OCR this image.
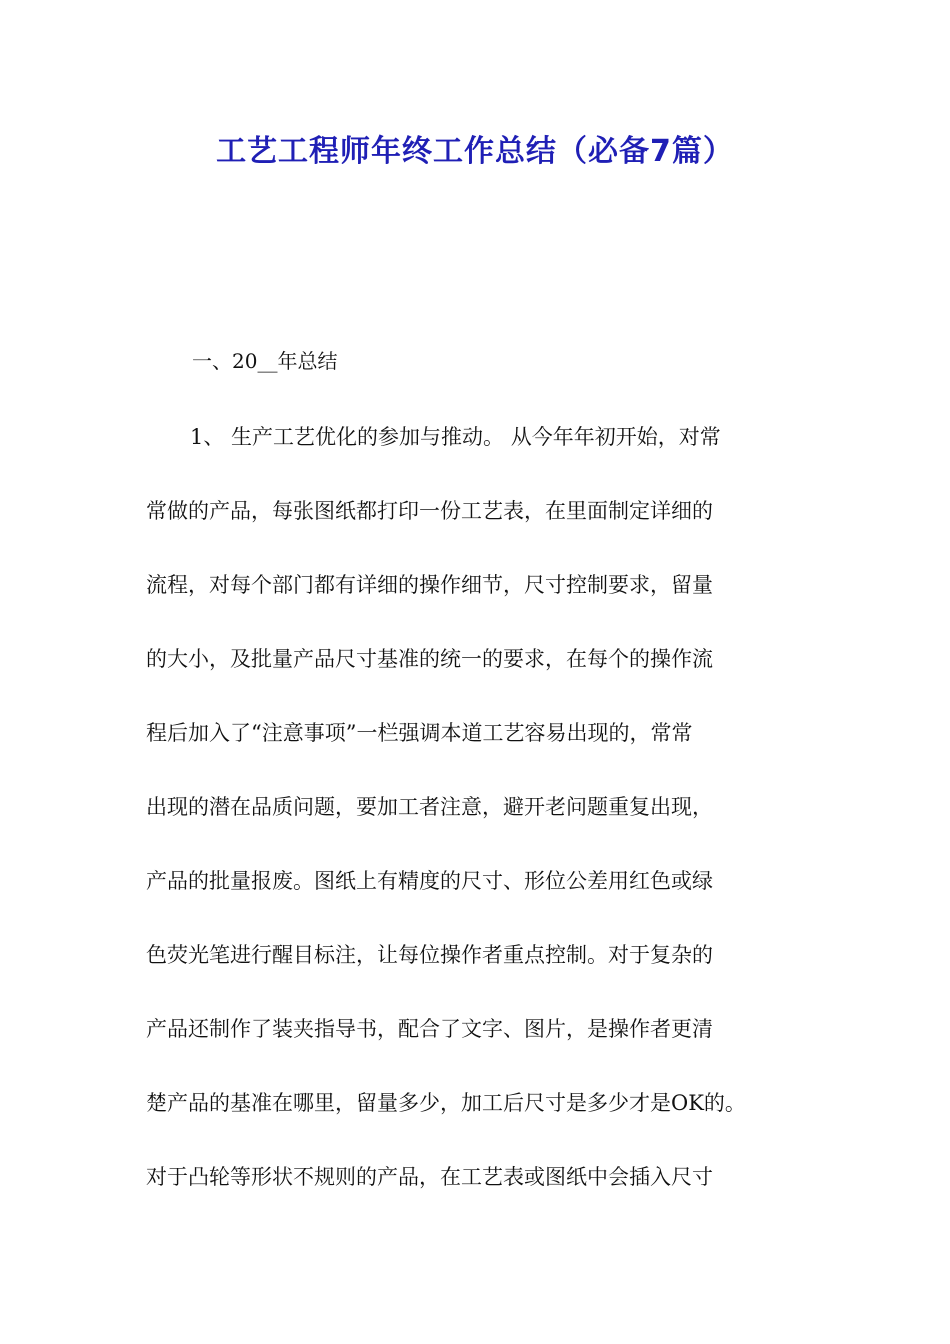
工艺工程师年终工作总结（必备7篇）

一、20__年总结

1、 生产工艺优化的参加与推动。 从今年年初开始，对常
常做的产品，每张图纸都打印一份工艺表，在里面制定详细的
流程，对每个部门都有详细的操作细节，尺寸控制要求，留量
的大小，及批量产品尺寸基准的统一的要求，在每个的操作流
程后加入了“注意事项”一栏强调本道工艺容易出现的，常常
出现的潜在品质问题，要加工者注意，避开老问题重复出现，
产品的批量报废。图纸上有精度的尺寸、形位公差用红色或绿
色荧光笔进行醒目标注，让每位操作者重点控制。对于复杂的
产品还制作了装夹指导书，配合了文字、图片，是操作者更清
楚产品的基准在哪里，留量多少，加工后尺寸是多少才是OK的。
对于凸轮等形状不规则的产品，在工艺表或图纸中会插入尺寸
